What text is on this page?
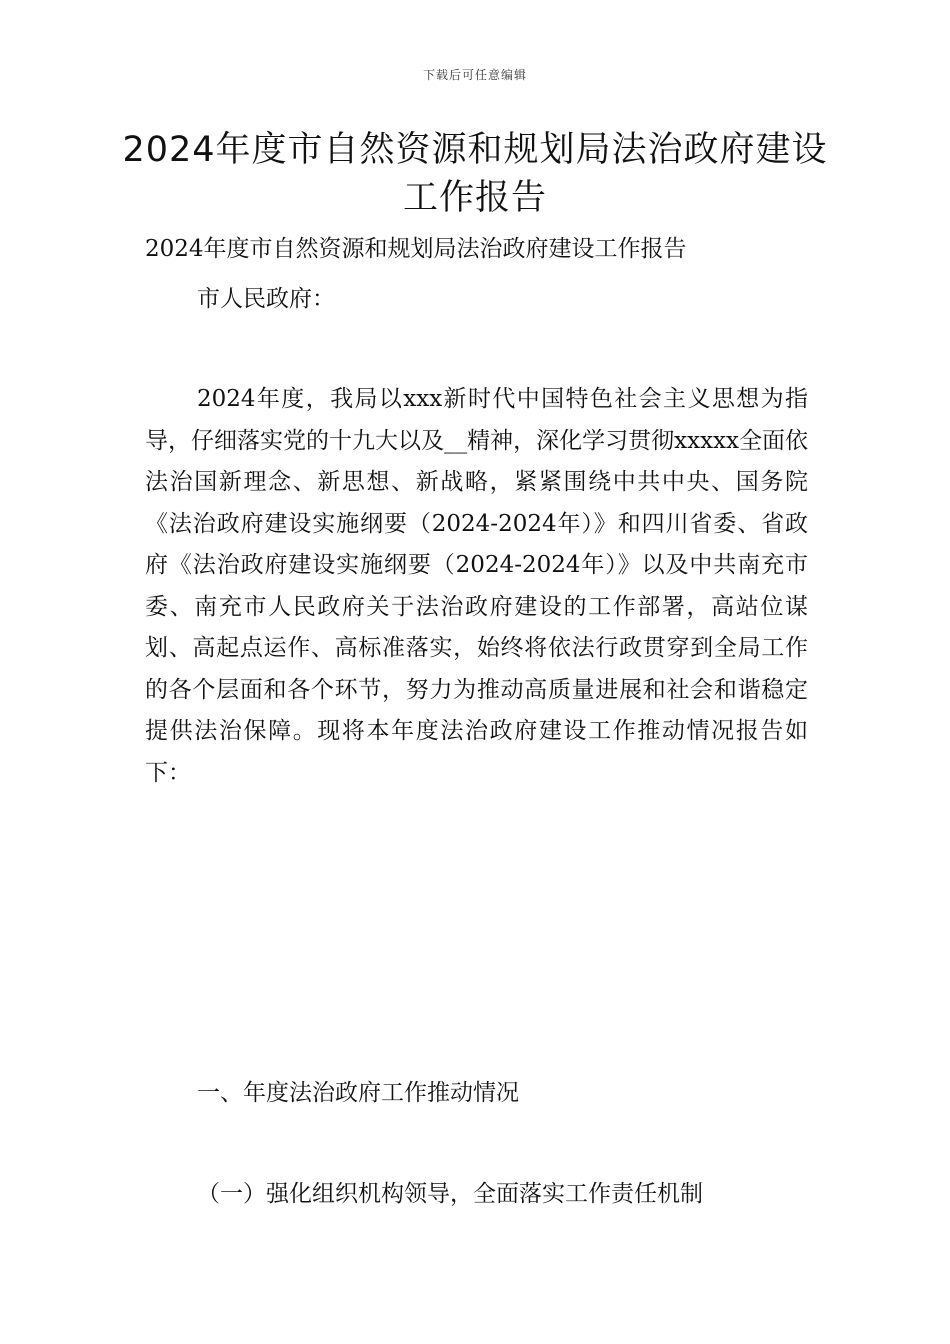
下载后可任意编辑
2024年度市自然资源和规划局法治政府建设工作报告
2024年度市自然资源和规划局法治政府建设工作报告
市人民政府：

2024年度，我局以xxx新时代中国特色社会主义思想为指导，仔细落实党的十九大以及__精神，深化学习贯彻xxxxx全面依法治国新理念、新思想、新战略，紧紧围绕中共中央、国务院《法治政府建设实施纲要（2024-2024年）》和四川省委、省政府《法治政府建设实施纲要（2024-2024年）》以及中共南充市委、南充市人民政府关于法治政府建设的工作部署，高站位谋划、高起点运作、高标准落实，始终将依法行政贯穿到全局工作的各个层面和各个环节，努力为推动高质量进展和社会和谐稳定提供法治保障。现将本年度法治政府建设工作推动情况报告如下：

一、年度法治政府工作推动情况
（一）强化组织机构领导，全面落实工作责任机制
